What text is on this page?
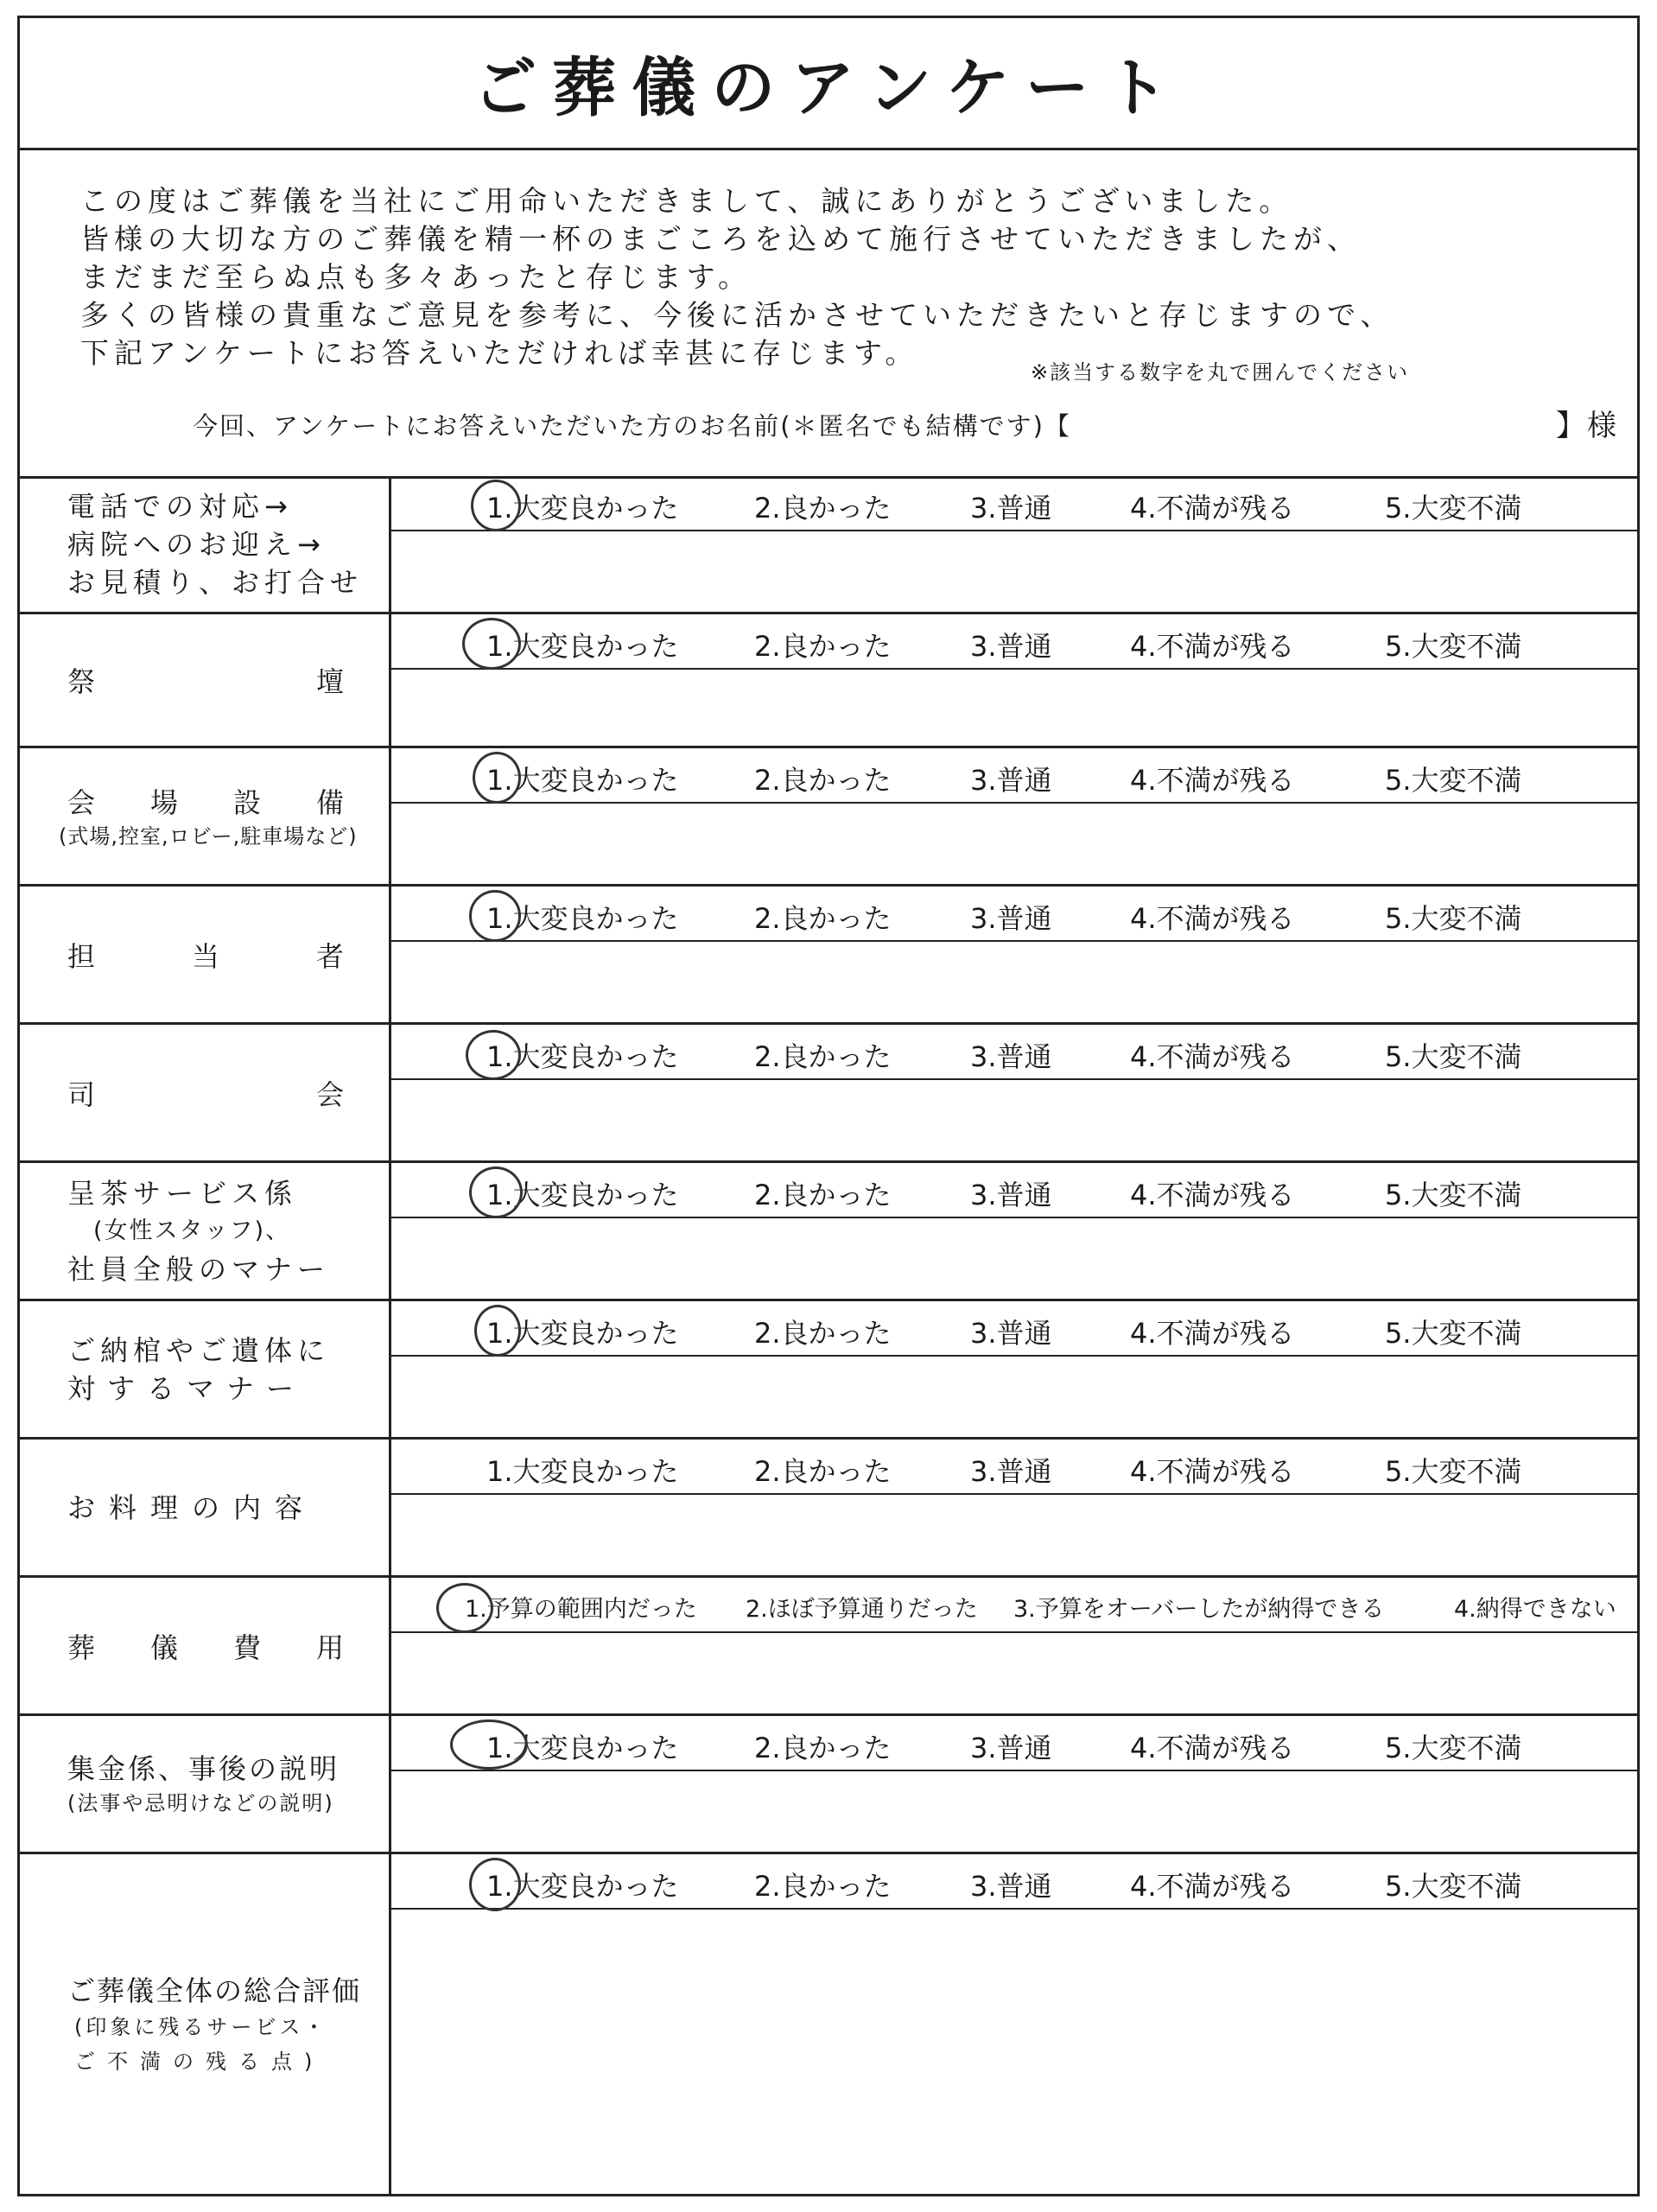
ご葬儀のアンケート
この度はご葬儀を当社にご用命いただきまして、誠にありがとうございました。
皆様の大切な方のご葬儀を精一杯のまごころを込めて施行させていただきましたが、
まだまだ至らぬ点も多々あったと存じます。
多くの皆様の貴重なご意見を参考に、今後に活かさせていただきたいと存じますので、
下記アンケートにお答えいただければ幸甚に存じます。
※該当する数字を丸で囲んでください
今回、アンケートにお答えいただいた方のお名前(＊匿名でも結構です)【	】様
電話での対応→
病院へのお迎え→
お見積り、お打合せ
1.大変良かった	2.良かった	3.普通	4.不満が残る	5.大変不満
祭	壇
1.大変良かった	2.良かった	3.普通	4.不満が残る	5.大変不満
会 場 設 備
(式場,控室,ロビー,駐車場など)
1.大変良かった	2.良かった	3.普通	4.不満が残る	5.大変不満
担	当	者
1.大変良かった	2.良かった	3.普通	4.不満が残る	5.大変不満
司	会
1.大変良かった	2.良かった	3.普通	4.不満が残る	5.大変不満
呈茶サービス係
(女性スタッフ)、
社員全般のマナー
1.大変良かった	2.良かった	3.普通	4.不満が残る	5.大変不満
ご納棺やご遺体に
対するマナー
1.大変良かった	2.良かった	3.普通	4.不満が残る	5.大変不満
お料理の内容
1.大変良かった	2.良かった	3.普通	4.不満が残る	5.大変不満
葬 儀 費 用
1.予算の範囲内だった 2.ほぼ予算通りだった 3.予算をオーバーしたが納得できる	4.納得できない
集金係、事後の説明
(法事や忌明けなどの説明)
1.大変良かった	2.良かった	3.普通	4.不満が残る	5.大変不満
ご葬儀全体の総合評価
(印象に残るサービス・
ご不満の残る点)
1.大変良かった	2.良かった	3.普通	4.不満が残る	5.大変不満
